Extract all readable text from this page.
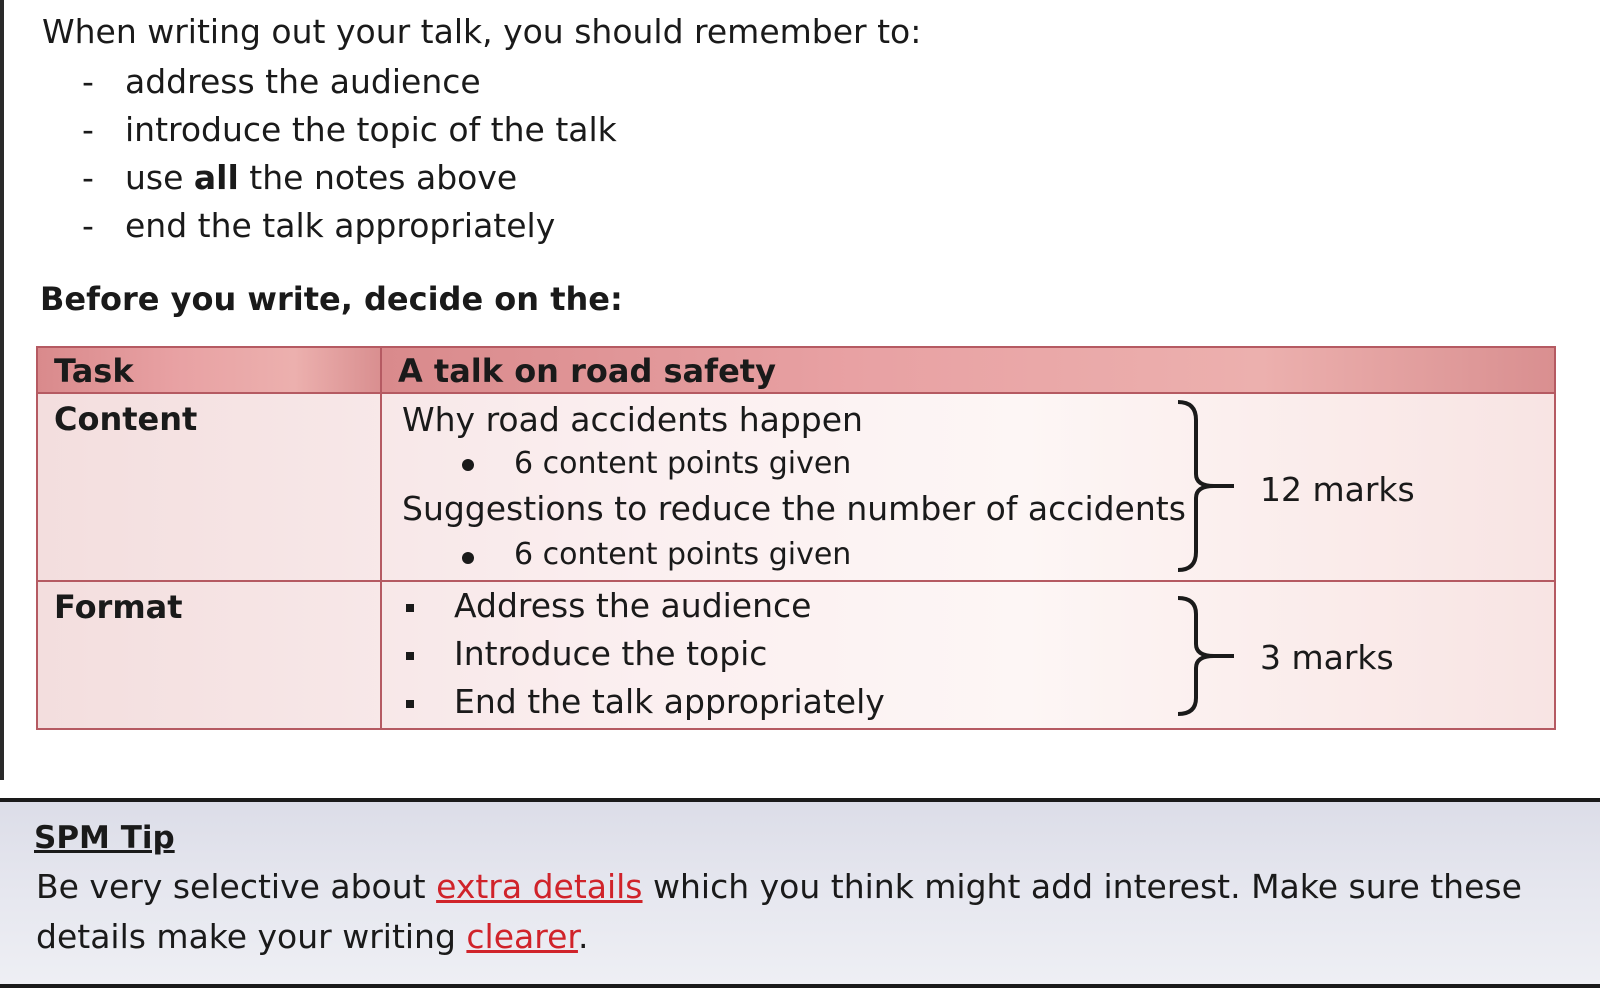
When writing out your talk, you should remember to:
- address the audience
- introduce the topic of the talk
- use all the notes above
- end the talk appropriately
Before you write, decide on the:
Task	A talk on road safety
Content	Why road accidents happen
6 content points given
Suggestions to reduce the number of accidents
6 content points given
12 marks

Format	Address the audience
Introduce the topic
End the talk appropriately
3 marks
SPM Tip
Be very selective about extra details which you think might add interest. Make sure these details make your writing clearer.
